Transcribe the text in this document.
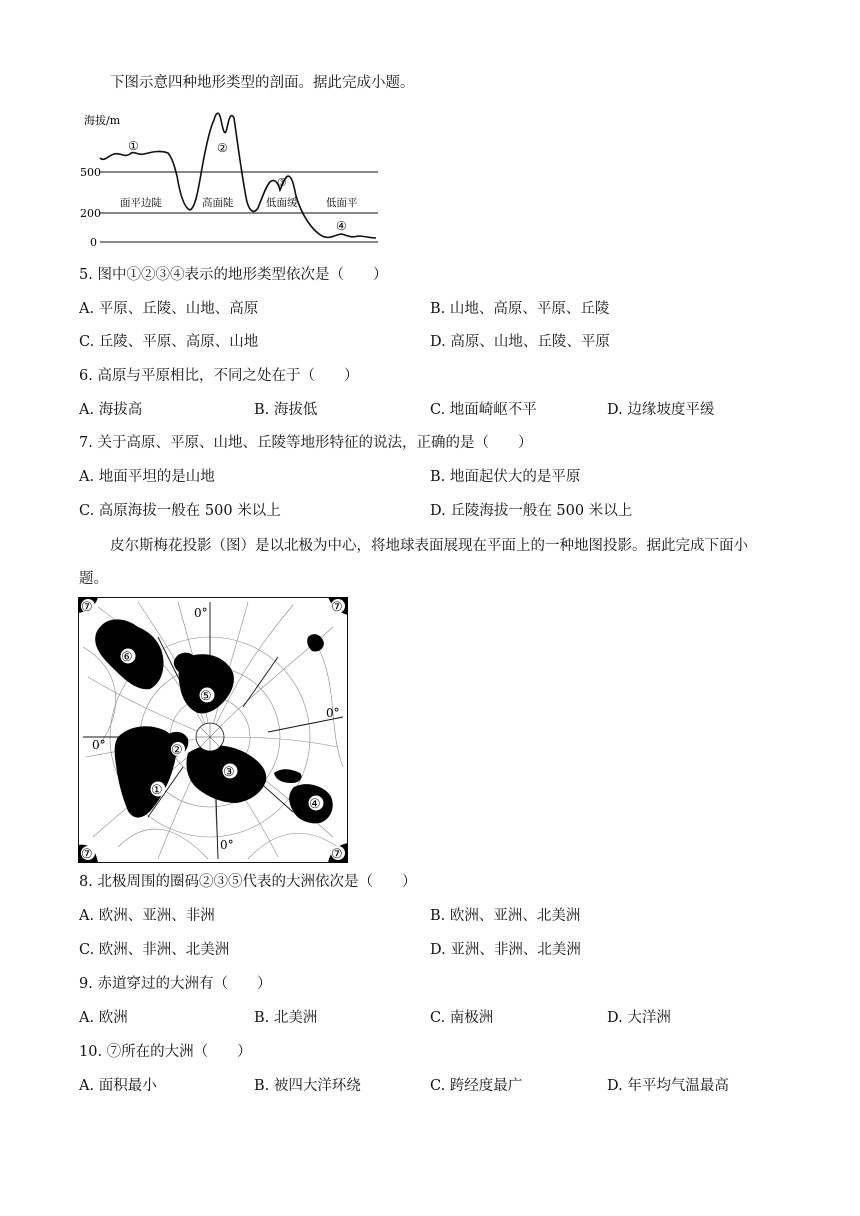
下图示意四种地形类型的剖面。据此完成小题。
海拔/m
500
200
0
①	②
③
④
面平边陡	高面陡	低面缓	低面平
5. 图中①②③④表示的地形类型依次是（　　）
A. 平原、丘陵、山地、高原	B. 山地、高原、平原、丘陵
C. 丘陵、平原、高原、山地	D. 高原、山地、丘陵、平原
6. 高原与平原相比，不同之处在于（　　）
A. 海拔高	B. 海拔低	C. 地面崎岖不平	D. 边缘坡度平缓
7. 关于高原、平原、山地、丘陵等地形特征的说法，正确的是（　　）
A. 地面平坦的是山地	B. 地面起伏大的是平原
C. 高原海拔一般在 500 米以上	D. 丘陵海拔一般在 500 米以上
皮尔斯梅花投影（图）是以北极为中心，将地球表面展现在平面上的一种地图投影。据此完成下面小
题。
0°
0°
0°
0°
①
②
③
④
⑤
⑥
⑦	⑦
⑦	⑦
8. 北极周围的圈码②③⑤代表的大洲依次是（　　）
A. 欧洲、亚洲、非洲	B. 欧洲、亚洲、北美洲
C. 欧洲、非洲、北美洲	D. 亚洲、非洲、北美洲
9. 赤道穿过的大洲有（　　）
A. 欧洲	B. 北美洲	C. 南极洲	D. 大洋洲
10. ⑦所在的大洲（　　）
A. 面积最小	B. 被四大洋环绕	C. 跨经度最广	D. 年平均气温最高
